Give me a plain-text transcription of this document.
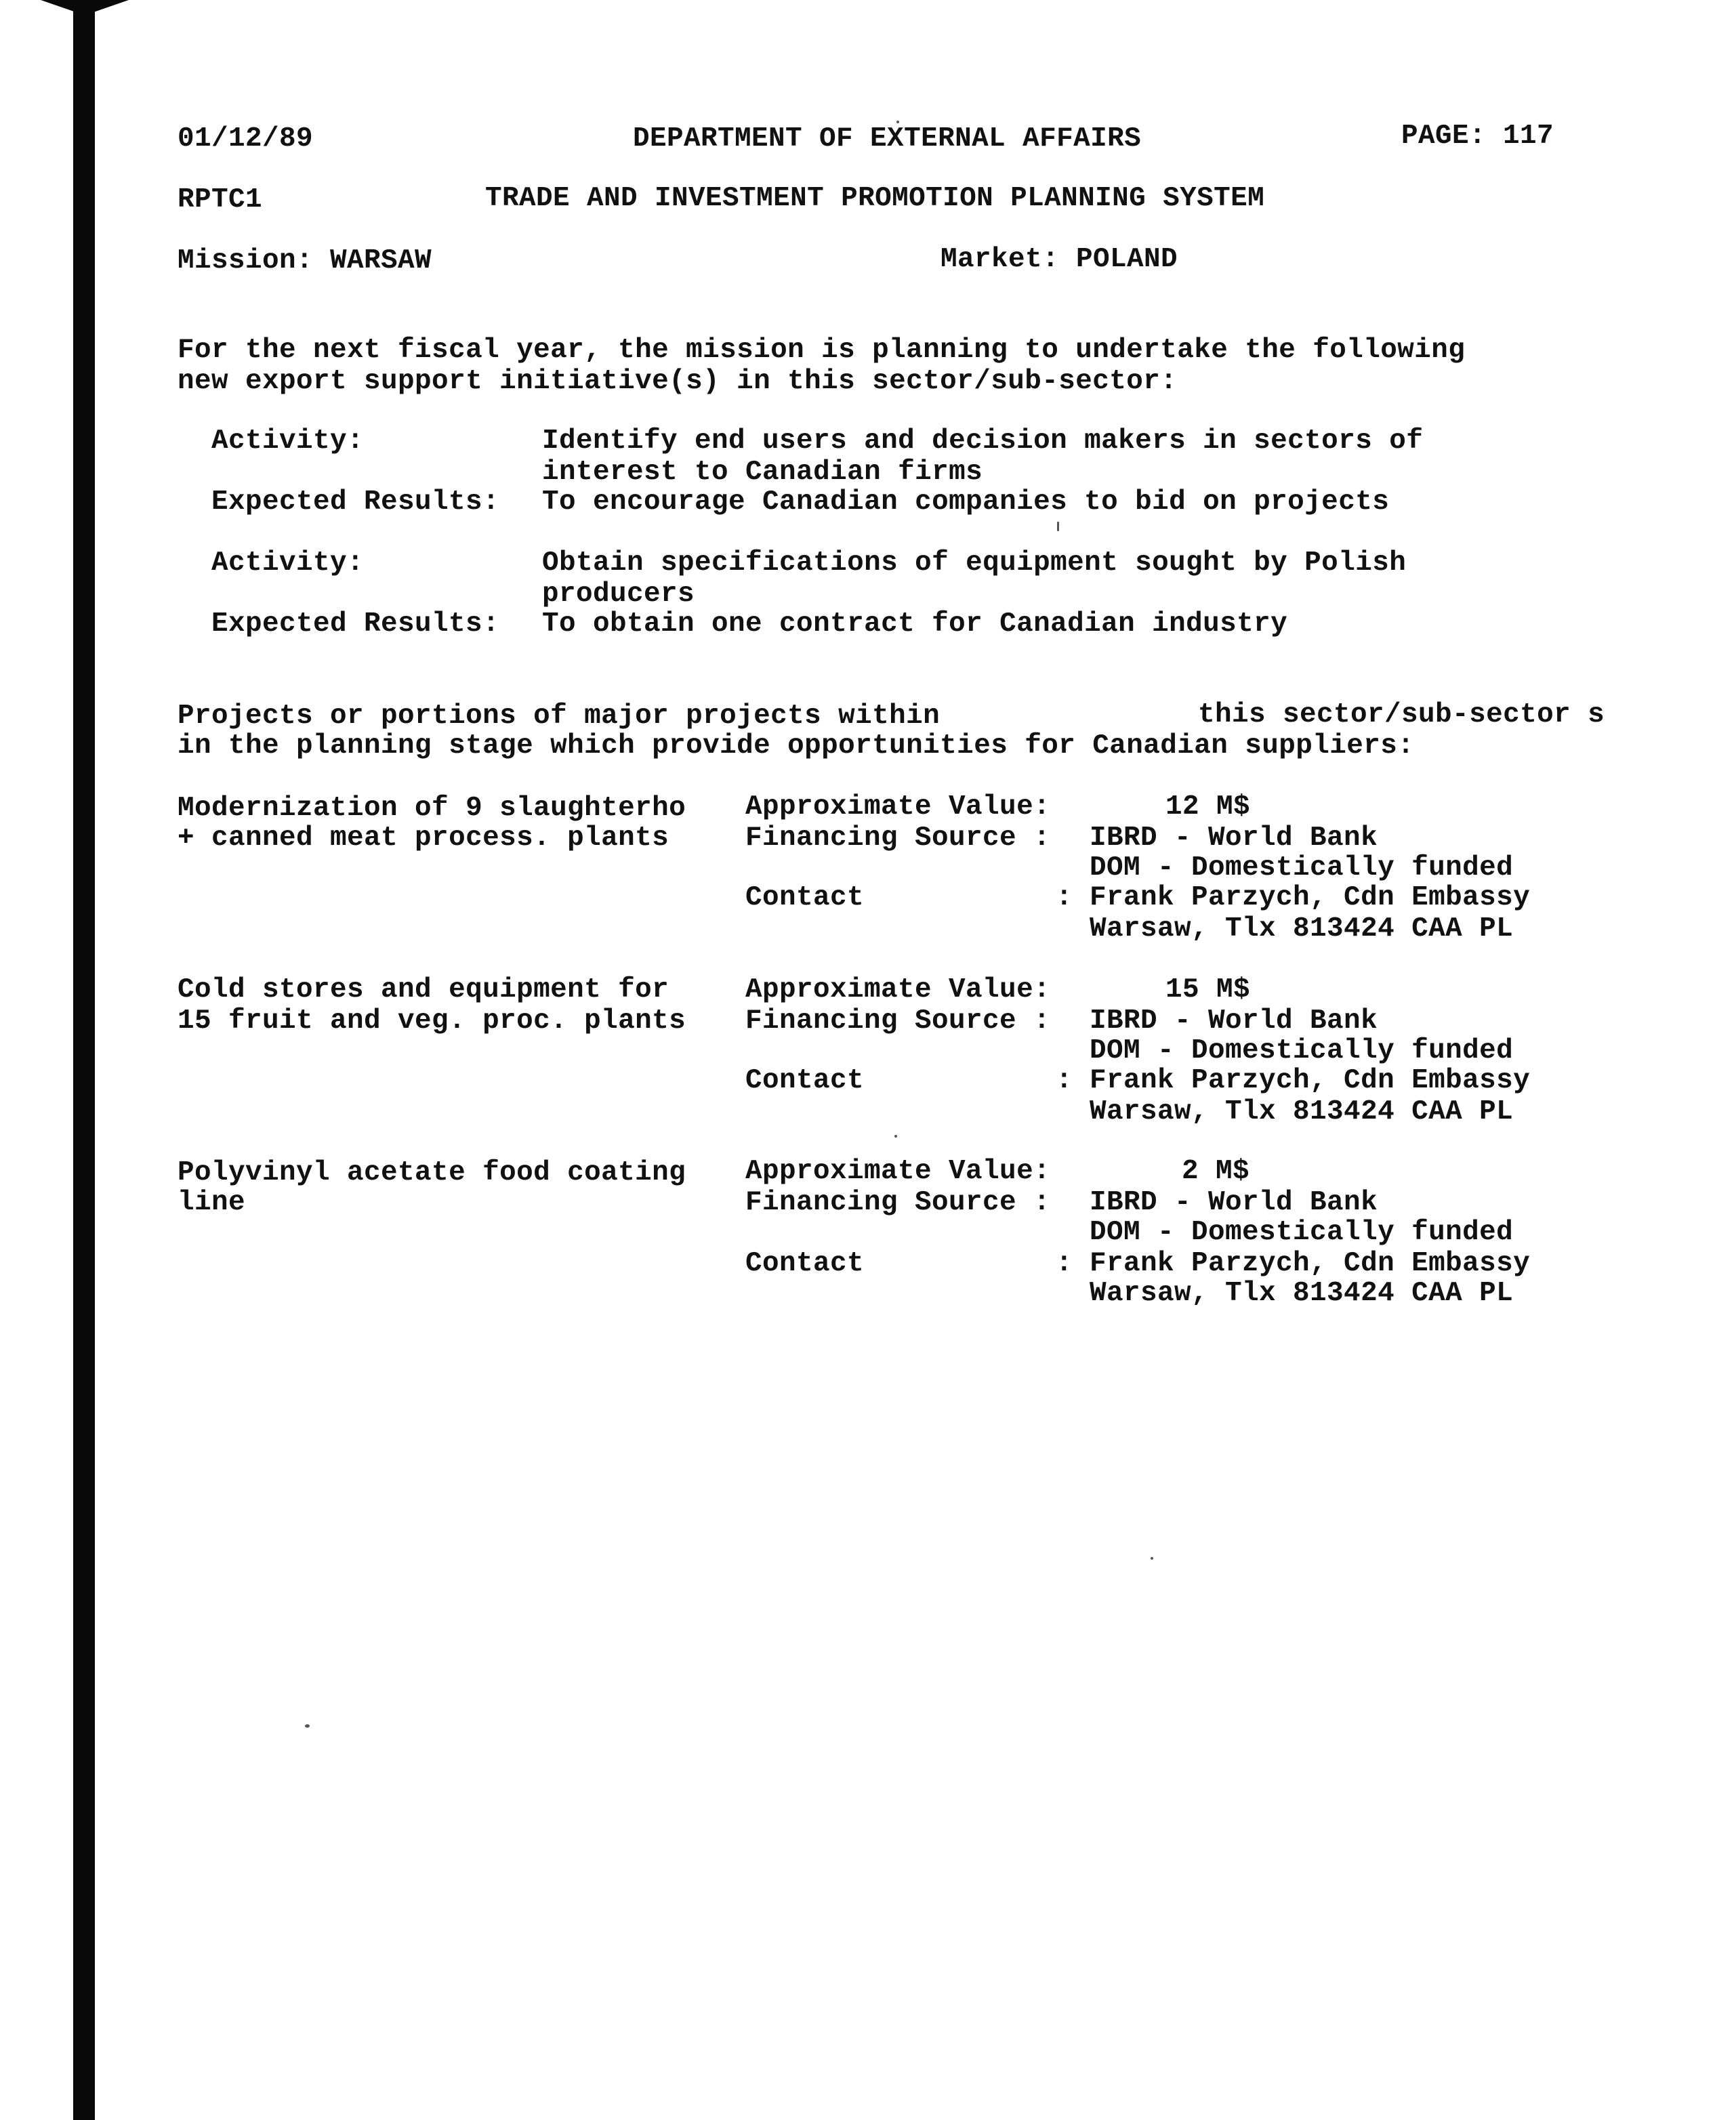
01/12/89	DEPARTMENT OF EXTERNAL AFFAIRS	PAGE: 117
RPTC1	TRADE AND INVESTMENT PROMOTION PLANNING SYSTEM
Mission: WARSAW	Market: POLAND
For the next fiscal year, the mission is planning to undertake the following
new export support initiative(s) in this sector/sub-sector:
Activity:	Identify end users and decision makers in sectors of
interest to Canadian firms
Expected Results: To encourage Canadian companies to bid on projects
Activity:	Obtain specifications of equipment sought by Polish
producers
Expected Results: To obtain one contract for Canadian industry
Projects or portions of major projects within	this sector/sub-sector s
in the planning stage which provide opportunities for Canadian suppliers:
Modernization of 9 slaughterho
+ canned meat process. plants
Approximate Value:	12 M$
Financing Source : IBRD - World Bank
DOM - Domestically funded
Contact	: Frank Parzych, Cdn Embassy
Warsaw, Tlx 813424 CAA PL
Cold stores and equipment for
15 fruit and veg. proc. plants
Approximate Value:	15 M$
Financing Source : IBRD - World Bank
DOM - Domestically funded
Contact	: Frank Parzych, Cdn Embassy
Warsaw, Tlx 813424 CAA PL
Polyvinyl acetate food coating
line
Approximate Value:	2 M$
Financing Source : IBRD - World Bank
DOM - Domestically funded
Contact	: Frank Parzych, Cdn Embassy
Warsaw, Tlx 813424 CAA PL
